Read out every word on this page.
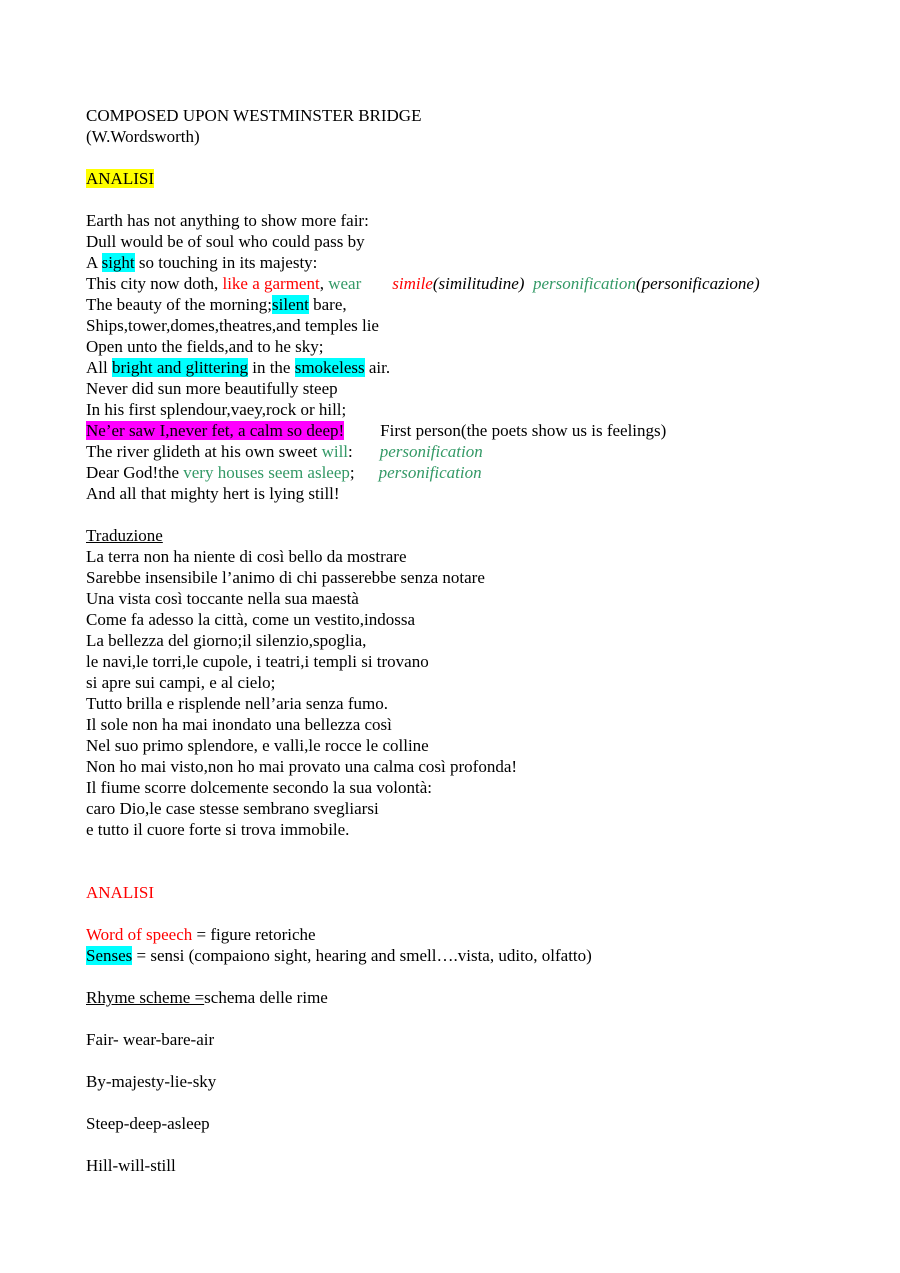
COMPOSED UPON WESTMINSTER BRIDGE
(W.Wordsworth)
ANALISI
Earth has not anything to show more fair:
Dull would be of soul who could pass by
A sight so touching in its majesty:
This city now doth, like a garment, wear simile(similitudine) personification(personificazione)
The beauty of the morning;silent bare,
Ships,tower,domes,theatres,and temples lie
Open unto the fields,and to he sky;
All bright and glittering in the smokeless air.
Never did sun more beautifully steep
In his first splendour,vaey,rock or hill;
Ne’er saw I,never fet, a calm so deep! First person(the poets show us is feelings)
The river glideth at his own sweet will: personification
Dear God!the very houses seem asleep; personification
And all that mighty hert is lying still!
Traduzione
La terra non ha niente di così bello da mostrare
Sarebbe insensibile l’animo di chi passerebbe senza notare
Una vista così toccante nella sua maestà
Come fa adesso la città, come un vestito,indossa
La bellezza del giorno;il silenzio,spoglia,
le navi,le torri,le cupole, i teatri,i templi si trovano
si apre sui campi, e al cielo;
Tutto brilla e risplende nell’aria senza fumo.
Il sole non ha mai inondato una bellezza così
Nel suo primo splendore, e valli,le rocce le colline
Non ho mai visto,non ho mai provato una calma così profonda!
Il fiume scorre dolcemente secondo la sua volontà:
caro Dio,le case stesse sembrano svegliarsi
e tutto il cuore forte si trova immobile.
ANALISI
Word of speech = figure retoriche
Senses = sensi (compaiono sight, hearing and smell….vista, udito, olfatto)
Rhyme scheme =schema delle rime
Fair- wear-bare-air
By-majesty-lie-sky
Steep-deep-asleep
Hill-will-still
